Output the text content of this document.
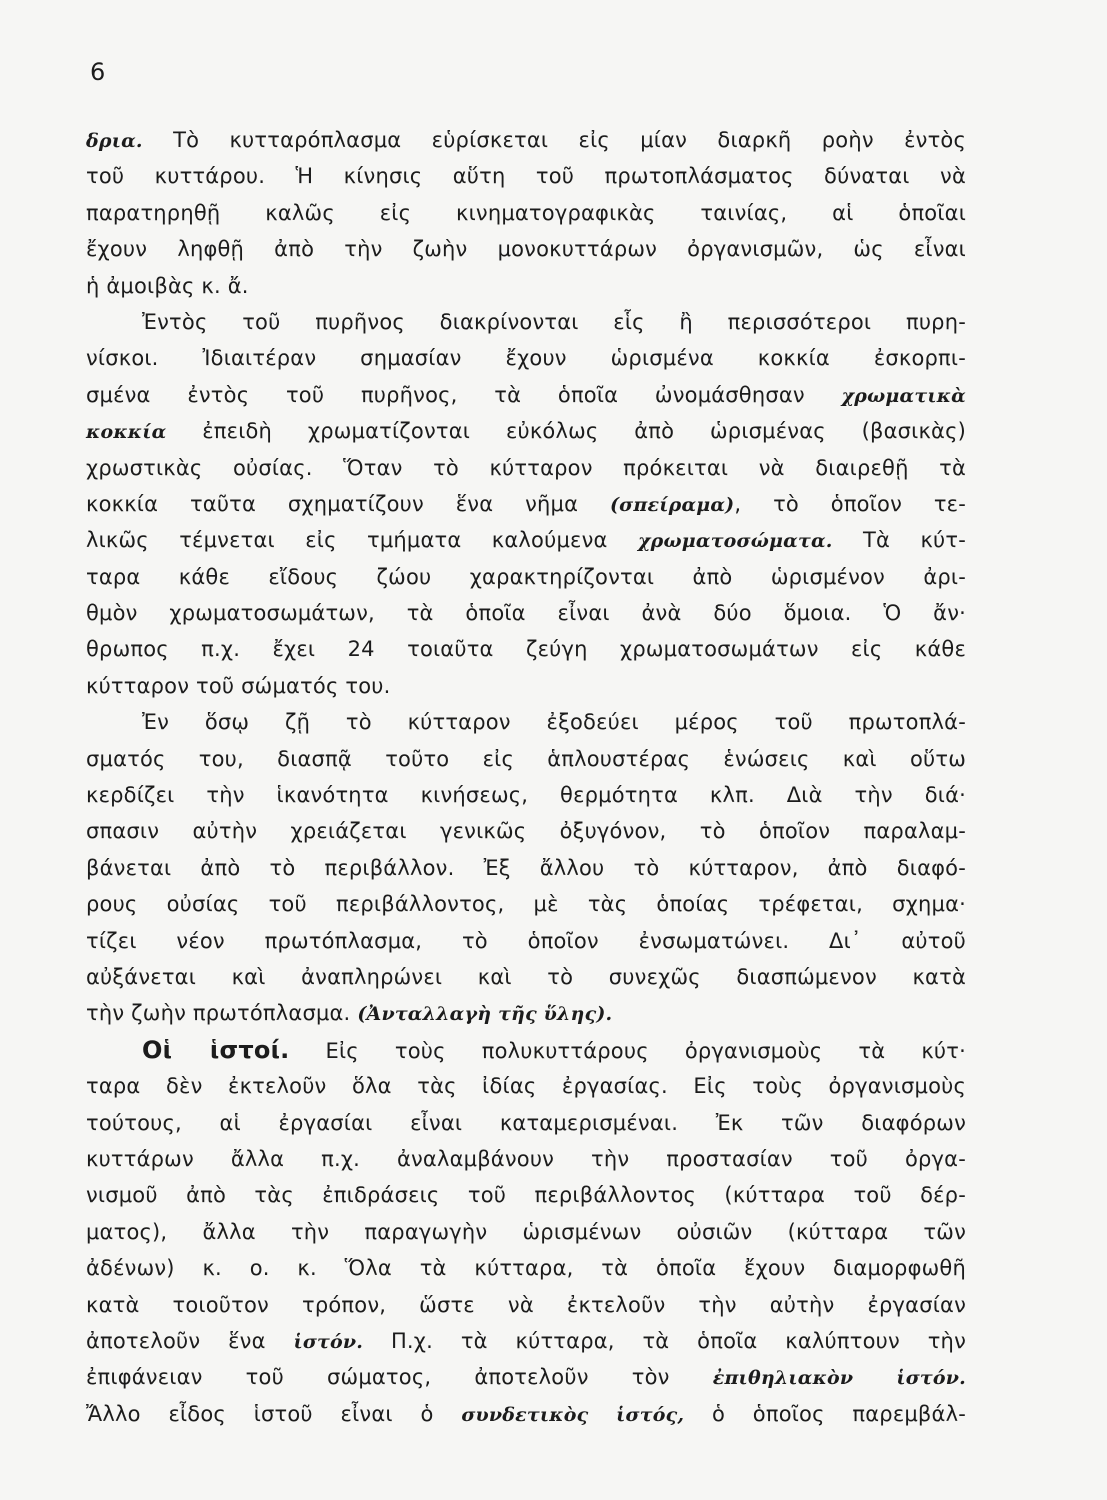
6
δρια. Τὸ κυτταρόπλασμα εὑρίσκεται εἰς μίαν διαρκῆ ροὴν ἐντὸς
τοῦ κυττάρου. Ἡ κίνησις αὕτη τοῦ πρωτοπλάσματος δύναται νὰ
παρατηρηθῇ καλῶς εἰς κινηματογραφικὰς ταινίας, αἱ ὁποῖαι
ἔχουν ληφθῇ ἀπὸ τὴν ζωὴν μονοκυττάρων ὀργανισμῶν, ὡς εἶναι
ἡ ἀμοιβὰς κ. ἄ.
Ἐντὸς τοῦ πυρῆνος διακρίνονται εἷς ἢ περισσότεροι πυρη-
νίσκοι. Ἰδιαιτέραν σημασίαν ἔχουν ὡρισμένα κοκκία ἐσκορπι-
σμένα ἐντὸς τοῦ πυρῆνος, τὰ ὁποῖα ὠνομάσθησαν χρωματικὰ
κοκκία ἐπειδὴ χρωματίζονται εὐκόλως ἀπὸ ὡρισμένας (βασικὰς)
χρωστικὰς οὐσίας. Ὅταν τὸ κύτταρον πρόκειται νὰ διαιρεθῇ τὰ
κοκκία ταῦτα σχηματίζουν ἕνα νῆμα (σπείραμα), τὸ ὁποῖον τε-
λικῶς τέμνεται εἰς τμήματα καλούμενα χρωματοσώματα. Τὰ κύτ-
ταρα κάθε εἴδους ζώου χαρακτηρίζονται ἀπὸ ὡρισμένον ἀρι-
θμὸν χρωματοσωμάτων, τὰ ὁποῖα εἶναι ἀνὰ δύο ὅμοια. Ὁ ἄν·
θρωπος π.χ. ἔχει 24 τοιαῦτα ζεύγη χρωματοσωμάτων εἰς κάθε
κύτταρον τοῦ σώματός του.
Ἐν ὅσῳ ζῇ τὸ κύτταρον ἐξοδεύει μέρος τοῦ πρωτοπλά-
σματός του, διασπᾷ τοῦτο εἰς ἁπλουστέρας ἑνώσεις καὶ οὕτω
κερδίζει τὴν ἱκανότητα κινήσεως, θερμότητα κλπ. Διὰ τὴν διά·
σπασιν αὐτὴν χρειάζεται γενικῶς ὀξυγόνον, τὸ ὁποῖον παραλαμ-
βάνεται ἀπὸ τὸ περιβάλλον. Ἐξ ἄλλου τὸ κύτταρον, ἀπὸ διαφό-
ρους οὐσίας τοῦ περιβάλλοντος, μὲ τὰς ὁποίας τρέφεται, σχημα·
τίζει νέον πρωτόπλασμα, τὸ ὁποῖον ἐνσωματώνει. Δι᾽ αὐτοῦ
αὐξάνεται καὶ ἀναπληρώνει καὶ τὸ συνεχῶς διασπώμενον κατὰ
τὴν ζωὴν πρωτόπλασμα. (Ἀνταλλαγὴ τῆς ὕλης).
Οἱ ἱστοί. Εἰς τοὺς πολυκυττάρους ὀργανισμοὺς τὰ κύτ·
ταρα δὲν ἐκτελοῦν ὅλα τὰς ἰδίας ἐργασίας. Εἰς τοὺς ὀργανισμοὺς
τούτους, αἱ ἐργασίαι εἶναι καταμερισμέναι. Ἐκ τῶν διαφόρων
κυττάρων ἄλλα π.χ. ἀναλαμβάνουν τὴν προστασίαν τοῦ ὀργα-
νισμοῦ ἀπὸ τὰς ἐπιδράσεις τοῦ περιβάλλοντος (κύτταρα τοῦ δέρ-
ματος), ἄλλα τὴν παραγωγὴν ὡρισμένων οὐσιῶν (κύτταρα τῶν
ἀδένων) κ. ο. κ. Ὅλα τὰ κύτταρα, τὰ ὁποῖα ἔχουν διαμορφωθῆ
κατὰ τοιοῦτον τρόπον, ὥστε νὰ ἐκτελοῦν τὴν αὐτὴν ἐργασίαν
ἀποτελοῦν ἕνα ἱστόν. Π.χ. τὰ κύτταρα, τὰ ὁποῖα καλύπτουν τὴν
ἐπιφάνειαν τοῦ σώματος, ἀποτελοῦν τὸν ἐπιθηλιακὸν ἱστόν.
Ἄλλο εἶδος ἱστοῦ εἶναι ὁ συνδετικὸς ἱστός, ὁ ὁποῖος παρεμβάλ-
